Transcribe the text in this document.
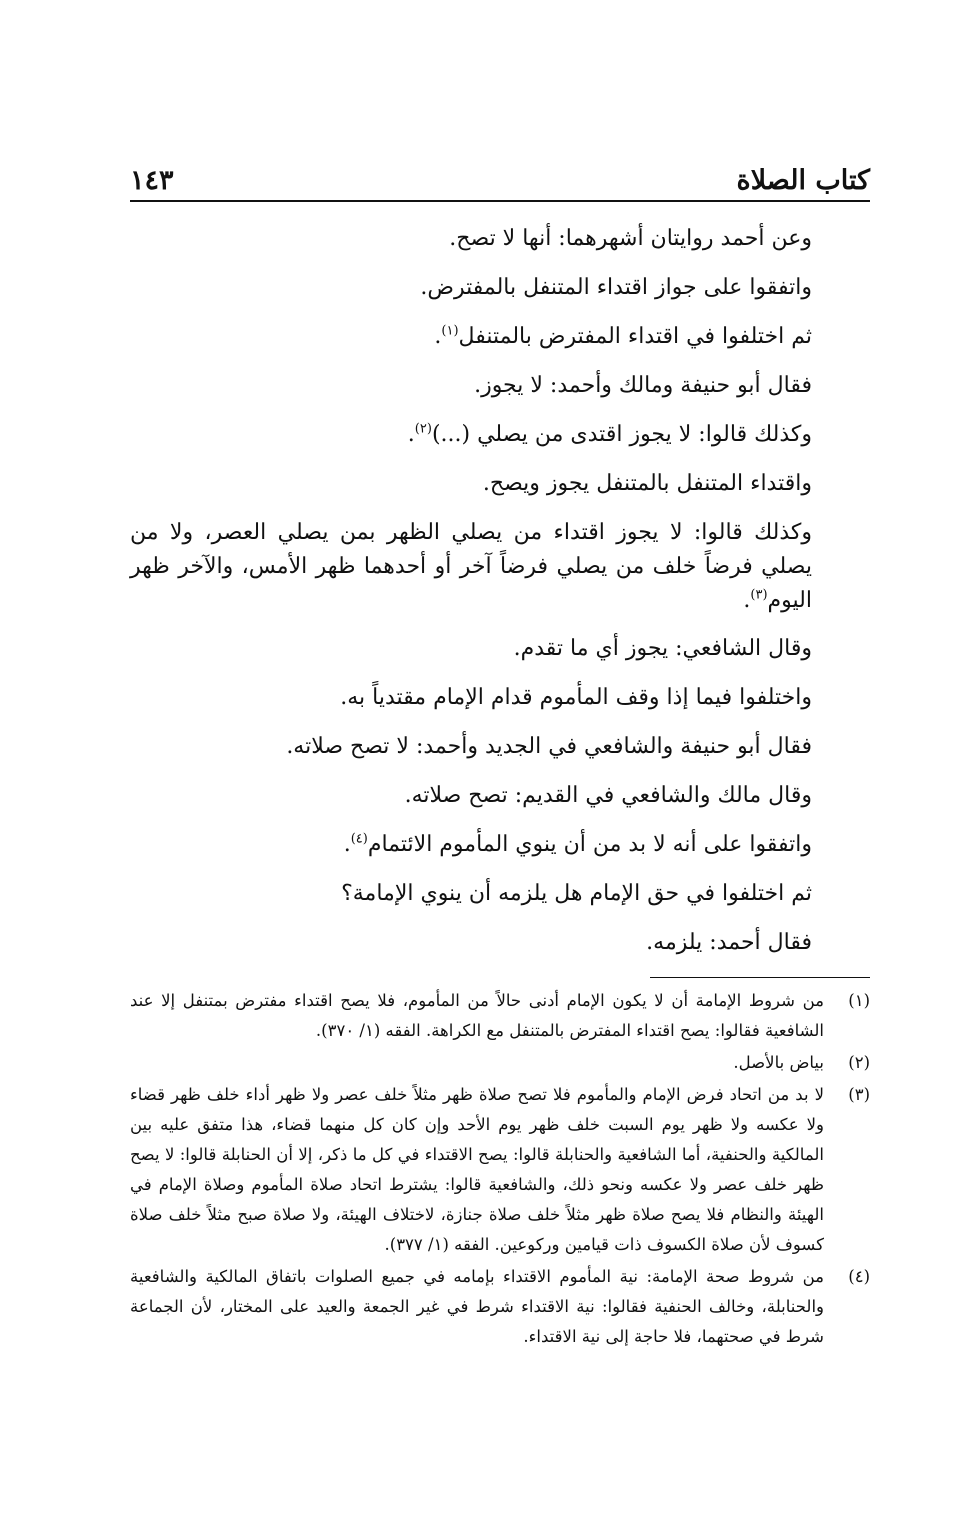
كتاب الصلاة
١٤٣

وعن أحمد روايتان أشهرهما: أنها لا تصح.

واتفقوا على جواز اقتداء المتنفل بالمفترض.

ثم اختلفوا في اقتداء المفترض بالمتنفل$^{(١)}$.

فقال أبو حنيفة ومالك وأحمد: لا يجوز.

وكذلك قالوا: لا يجوز اقتدى من يصلي (...)$^{(٢)}$.

واقتداء المتنفل بالمتنفل يجوز ويصح.

وكذلك قالوا: لا يجوز اقتداء من يصلي الظهر بمن يصلي العصر، ولا من يصلي فرضاً خلف من يصلي فرضاً آخر أو أحدهما ظهر الأمس، والآخر ظهر اليوم$^{(٣)}$.

وقال الشافعي: يجوز أي ما تقدم.

واختلفوا فيما إذا وقف المأموم قدام الإمام مقتدياً به.

فقال أبو حنيفة والشافعي في الجديد وأحمد: لا تصح صلاته.

وقال مالك والشافعي في القديم: تصح صلاته.

واتفقوا على أنه لا بد من أن ينوي المأموم الائتمام$^{(٤)}$.

ثم اختلفوا في حق الإمام هل يلزمه أن ينوي الإمامة؟

فقال أحمد: يلزمه.

(١)
من شروط الإمامة أن لا يكون الإمام أدنى حالاً من المأموم، فلا يصح اقتداء مفترض بمتنفل إلا عند الشافعية فقالوا: يصح اقتداء المفترض بالمتنفل مع الكراهة. الفقه (١/ ٣٧٠).
(٢)
بياض بالأصل.
(٣)
لا بد من اتحاد فرض الإمام والمأموم فلا تصح صلاة ظهر مثلاً خلف عصر ولا ظهر أداء خلف ظهر قضاء ولا عكسه ولا ظهر يوم السبت خلف ظهر يوم الأحد وإن كان كل منهما قضاء، هذا متفق عليه بين المالكية والحنفية، أما الشافعية والحنابلة قالوا: يصح الاقتداء في كل ما ذكر، إلا أن الحنابلة قالوا: لا يصح ظهر خلف عصر ولا عكسه ونحو ذلك، والشافعية قالوا: يشترط اتحاد صلاة المأموم وصلاة الإمام في الهيئة والنظام فلا يصح صلاة ظهر مثلاً خلف صلاة جنازة، لاختلاف الهيئة، ولا صلاة صبح مثلاً خلف صلاة كسوف لأن صلاة الكسوف ذات قيامين وركوعين. الفقه (١/ ٣٧٧).
(٤)
من شروط صحة الإمامة: نية المأموم الاقتداء بإمامه في جميع الصلوات باتفاق المالكية والشافعية والحنابلة، وخالف الحنفية فقالوا: نية الاقتداء شرط في غير الجمعة والعيد على المختار، لأن الجماعة شرط في صحتهما، فلا حاجة إلى نية الاقتداء.
